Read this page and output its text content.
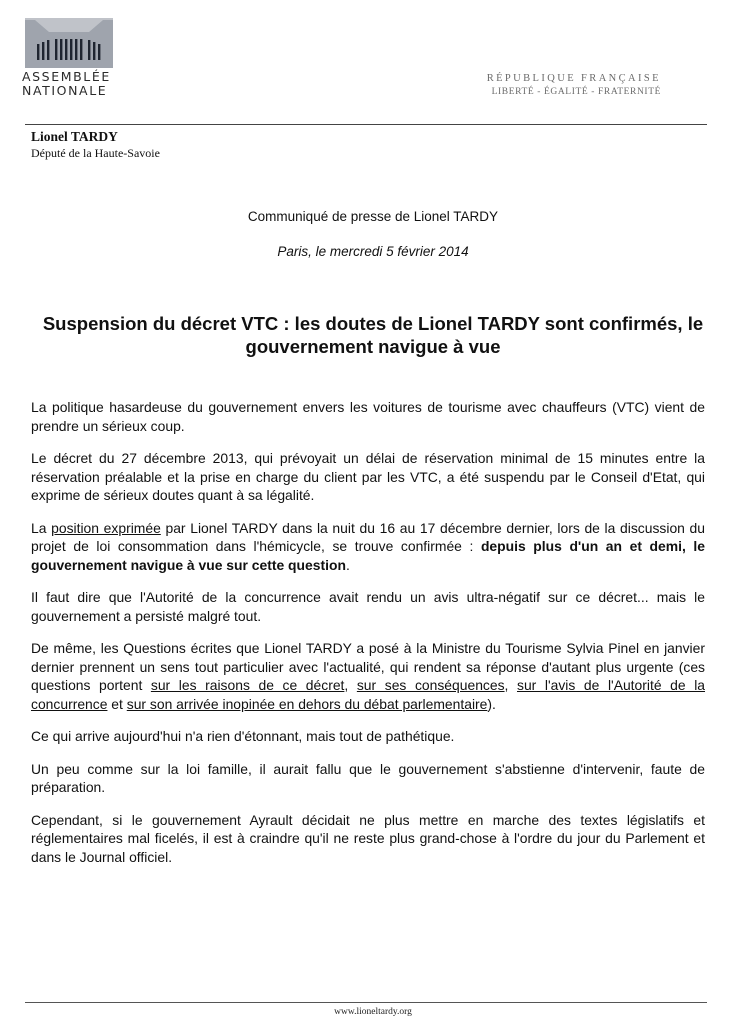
ASSEMBLÉE
NATIONALE
RÉPUBLIQUE FRANÇAISE
LIBERTÉ - ÉGALITÉ - FRATERNITÉ
Lionel TARDY
Député de la Haute-Savoie
Communiqué de presse de Lionel TARDY
Paris, le mercredi 5 février 2014
Suspension du décret VTC : les doutes de Lionel TARDY sont confirmés, le gouvernement navigue à vue

La politique hasardeuse du gouvernement envers les voitures de tourisme avec chauffeurs (VTC) vient de prendre un sérieux coup.

Le décret du 27 décembre 2013, qui prévoyait un délai de réservation minimal de 15 minutes entre la réservation préalable et la prise en charge du client par les VTC, a été suspendu par le Conseil d'Etat, qui exprime de sérieux doutes quant à sa légalité.

La position exprimée par Lionel TARDY dans la nuit du 16 au 17 décembre dernier, lors de la discussion du projet de loi consommation dans l'hémicycle, se trouve confirmée : depuis plus d'un an et demi, le gouvernement navigue à vue sur cette question.

Il faut dire que l'Autorité de la concurrence avait rendu un avis ultra-négatif sur ce décret... mais le gouvernement a persisté malgré tout.

De même, les Questions écrites que Lionel TARDY a posé à la Ministre du Tourisme Sylvia Pinel en janvier dernier prennent un sens tout particulier avec l'actualité, qui rendent sa réponse d'autant plus urgente (ces questions portent sur les raisons de ce décret, sur ses conséquences, sur l'avis de l'Autorité de la concurrence et sur son arrivée inopinée en dehors du débat parlementaire).

Ce qui arrive aujourd'hui n'a rien d'étonnant, mais tout de pathétique.

Un peu comme sur la loi famille, il aurait fallu que le gouvernement s'abstienne d'intervenir, faute de préparation.

Cependant, si le gouvernement Ayrault décidait ne plus mettre en marche des textes législatifs et réglementaires mal ficelés, il est à craindre qu'il ne reste plus grand-chose à l'ordre du jour du Parlement et dans le Journal officiel.

www.lioneltardy.org
